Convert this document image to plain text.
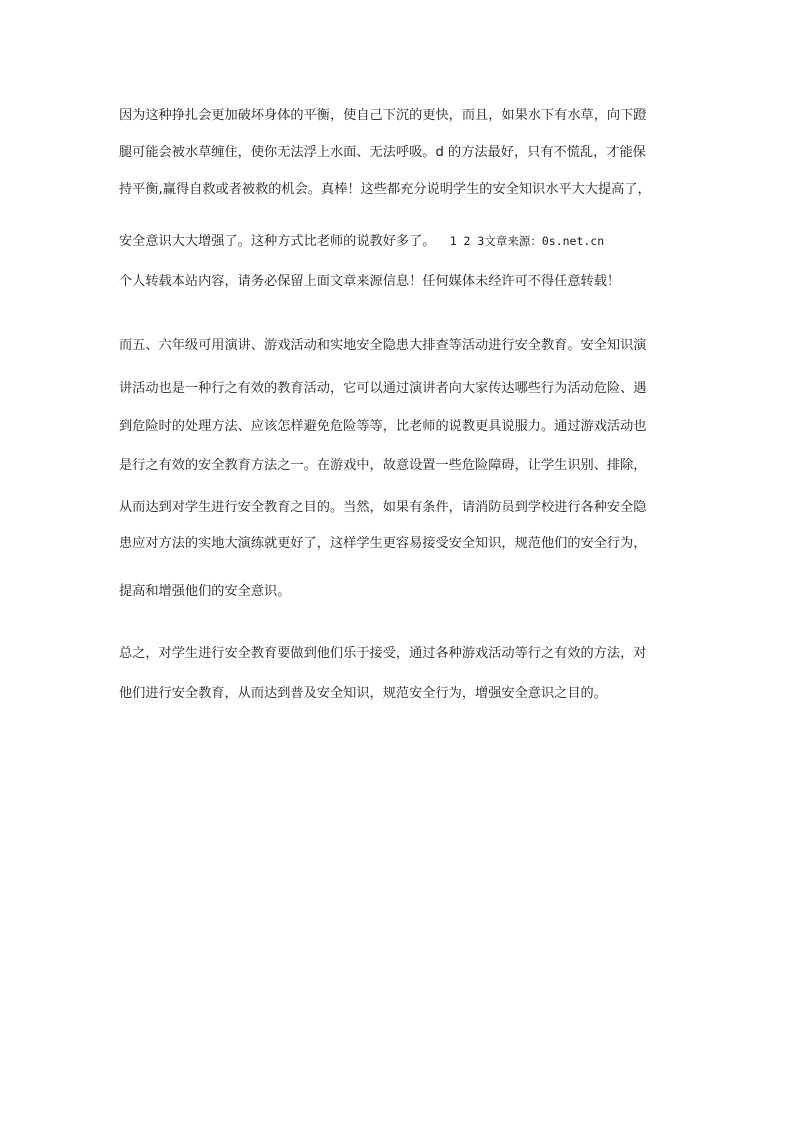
因为这种挣扎会更加破坏身体的平衡，使自己下沉的更快，而且，如果水下有水草，向下蹬
腿可能会被水草缠住，使你无法浮上水面、无法呼吸。d 的方法最好，只有不慌乱，才能保
持平衡,赢得自救或者被救的机会。真棒！这些都充分说明学生的安全知识水平大大提高了，
安全意识大大增强了。这种方式比老师的说教好多了。 1 2 3文章来源：0s.net.cn
个人转载本站内容，请务必保留上面文章来源信息！任何媒体未经许可不得任意转载！
而五、六年级可用演讲、游戏活动和实地安全隐患大排查等活动进行安全教育。安全知识演
讲活动也是一种行之有效的教育活动，它可以通过演讲者向大家传达哪些行为活动危险、遇
到危险时的处理方法、应该怎样避免危险等等，比老师的说教更具说服力。通过游戏活动也
是行之有效的安全教育方法之一。在游戏中，故意设置一些危险障碍，让学生识别、排除，
从而达到对学生进行安全教育之目的。当然，如果有条件，请消防员到学校进行各种安全隐
患应对方法的实地大演练就更好了，这样学生更容易接受安全知识，规范他们的安全行为，
提高和增强他们的安全意识。
总之，对学生进行安全教育要做到他们乐于接受，通过各种游戏活动等行之有效的方法，对
他们进行安全教育，从而达到普及安全知识，规范安全行为，增强安全意识之目的。
